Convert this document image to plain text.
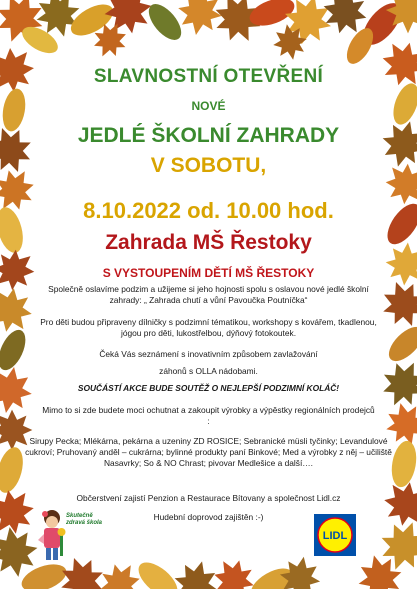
SLAVNOSTNÍ OTEVŘENÍ
NOVÉ
JEDLÉ ŠKOLNÍ ZAHRADY
V SOBOTU,
8.10.2022 od. 10.00 hod.
Zahrada MŠ Řestoky
S VYSTOUPENÍM DĚTÍ MŠ ŘESTOKY
Společně oslavíme podzim a užijeme si jeho hojnosti spolu s oslavou nové jedlé školní zahrady: „ Zahrada chutí a vůní Pavoučka Poutníčka“
Pro děti budou připraveny dílničky s podzimní tématikou, workshopy s kovářem, tkadlenou, jógou pro děti, lukostřelbou, dýňový fotokoutek.
Čeká Vás seznámení s inovativním způsobem zavlažování
záhonů s OLLA nádobami.
SOUČÁSTÍ AKCE BUDE SOUTĚŽ O NEJLEPŠÍ PODZIMNÍ KOLÁČ!
Mimo to si zde budete moci ochutnat a zakoupit výrobky a výpěstky regionálních prodejců :
Sirupy Pecka; Mlékárna, pekárna a uzeniny ZD ROSICE; Sebranické müsli tyčinky; Levandulové cukroví; Pruhovaný anděl – cukrárna; bylinné produkty paní Binkové; Med a výrobky z něj – učiliště Nasavrky; So & NO Chrast; pivovar Medlešice a další….
Občerstvení zajistí Penzion a Restaurace Bítovany a společnost Lidl.cz
Hudební doprovod zajištěn :-)
Skutečně
zdravá škola
LIDL
